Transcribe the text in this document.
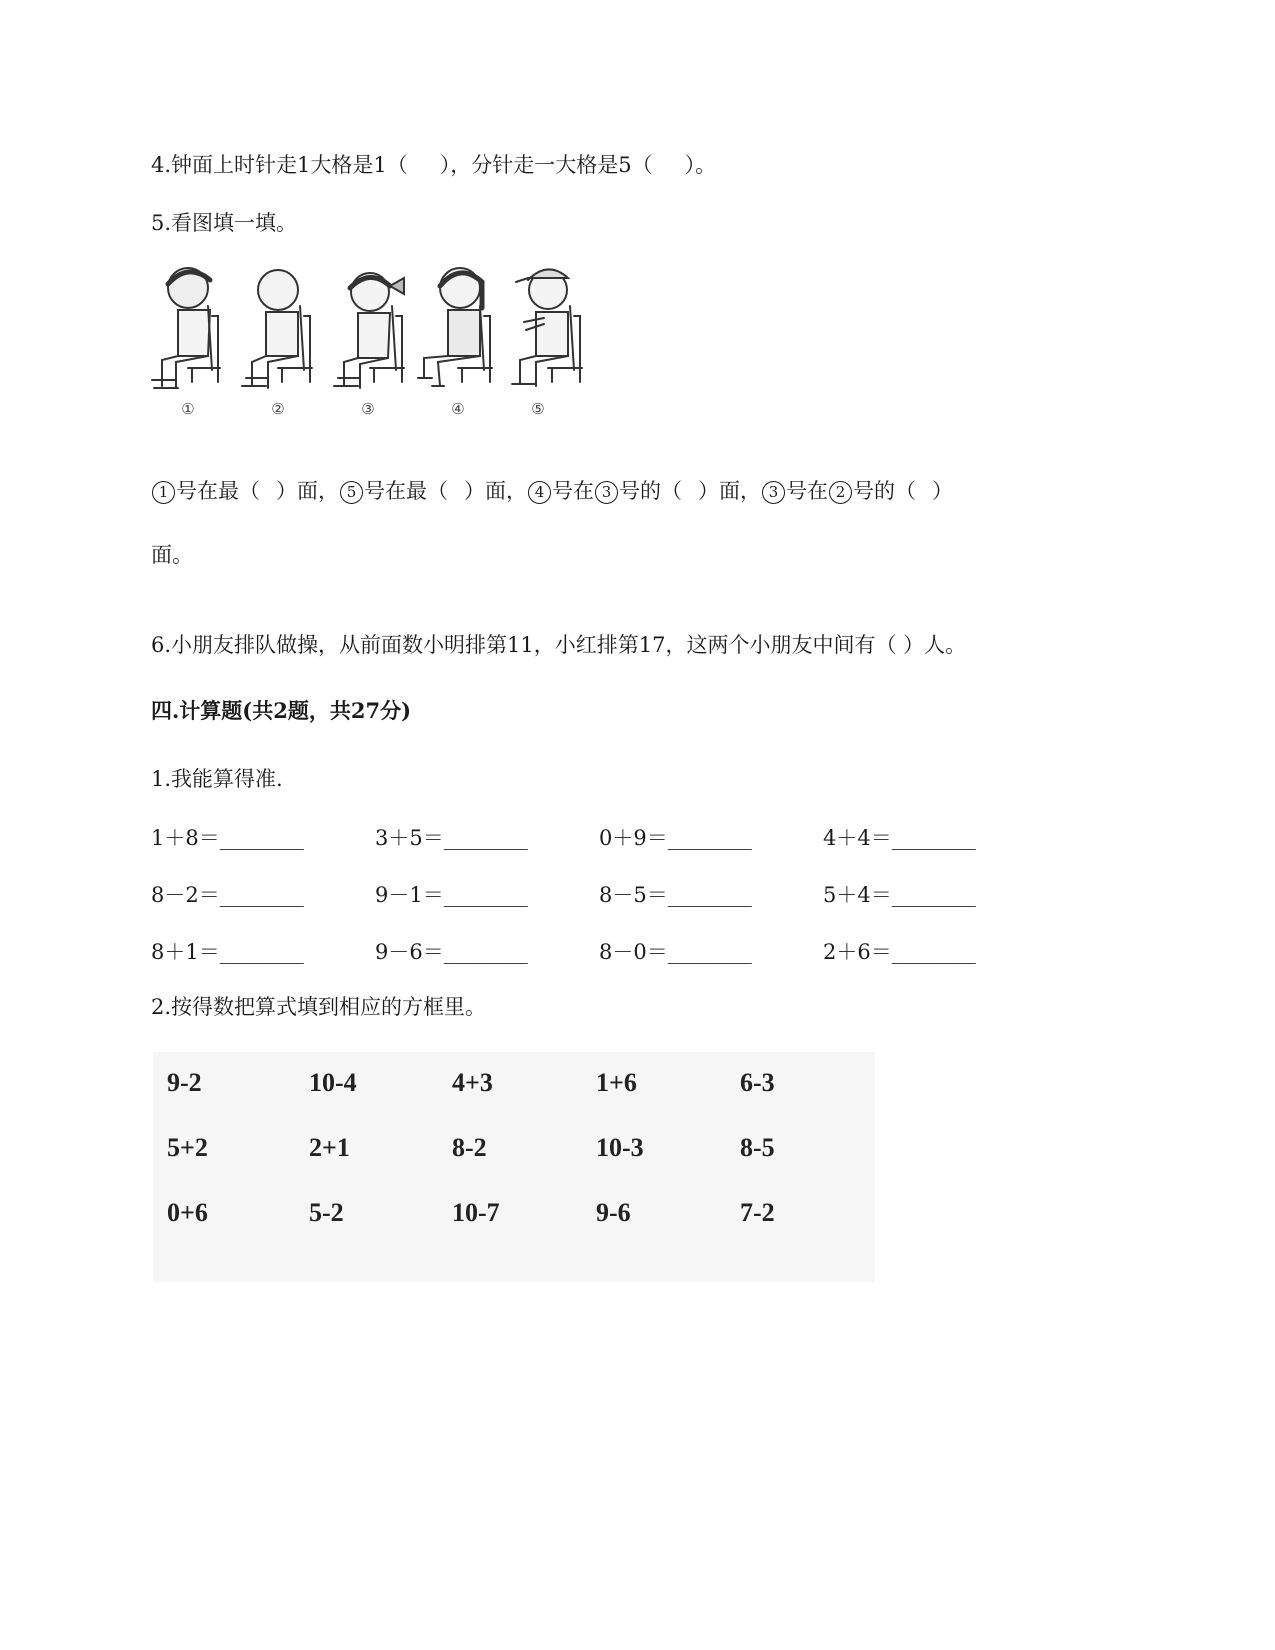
4.钟面上时针走1大格是1（ ），分针走一大格是5（ ）。
5.看图填一填。
①	②	③	④	⑤
1 号在最（ ）面， 5 号在最（ ）面， 4 号在 3 号的（ ）面， 3 号在 2 号的（ ）
面。
6.小朋友排队做操，从前面数小明排第11，小红排第17，这两个小朋友中间有（ ）人。
四.计算题(共2题，共27分)
1.我能算得准.
1＋8＝________	3＋5＝________	0＋9＝________	4＋4＝________
8－2＝________	9－1＝________	8－5＝________	5＋4＝________
8＋1＝________	9－6＝________	8－0＝________	2＋6＝________
2.按得数把算式填到相应的方框里。
9-2	10-4	4+3	1+6	6-3
5+2	2+1	8-2	10-3	8-5
0+6	5-2	10-7	9-6	7-2
